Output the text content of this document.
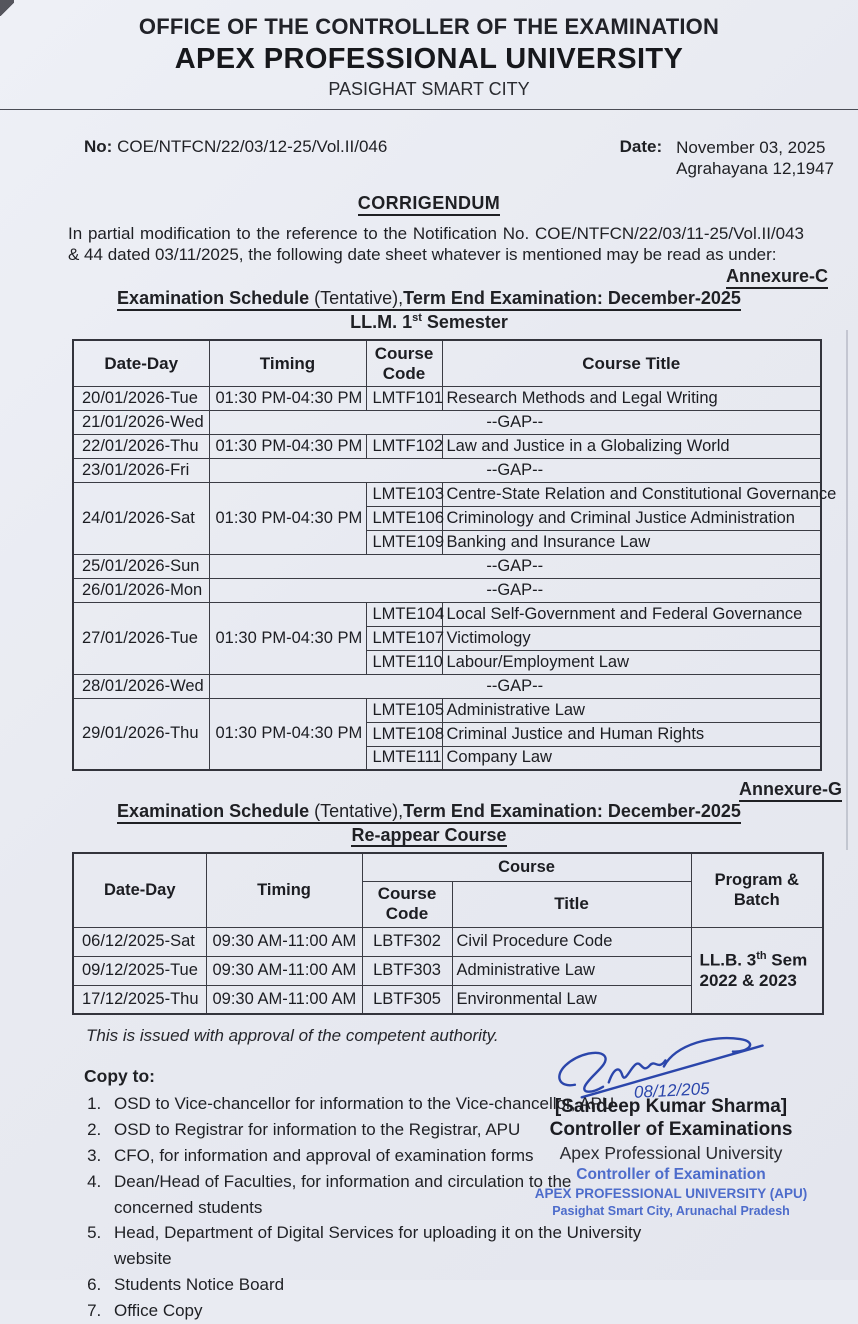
OFFICE OF THE CONTROLLER OF THE EXAMINATION
APEX PROFESSIONAL UNIVERSITY
PASIGHAT SMART CITY
No: COE/NTFCN/22/03/12-25/Vol.II/046	Date: November 03, 2025
Agrahayana 12,1947
CORRIGENDUM

In partial modification to the reference to the Notification No. COE/NTFCN/22/03/11-25/Vol.II/043 & 44 dated 03/11/2025, the following date sheet whatever is mentioned may be read as under:

Annexure-C
Examination Schedule (Tentative),Term End Examination: December-2025
LL.M. 1st Semester
Date-Day	Timing	Course Code	Course Title
20/01/2026-Tue	01:30 PM-04:30 PM	LMTF101	Research Methods and Legal Writing
21/01/2026-Wed	--GAP--		
22/01/2026-Thu	01:30 PM-04:30 PM	LMTF102	Law and Justice in a Globalizing World
23/01/2026-Fri	--GAP--		
24/01/2026-Sat	01:30 PM-04:30 PM	LMTE103	Centre-State Relation and Constitutional Governance
		LMTE106	Criminology and Criminal Justice Administration
		LMTE109	Banking and Insurance Law
25/01/2026-Sun	--GAP--		
26/01/2026-Mon	--GAP--		
27/01/2026-Tue	01:30 PM-04:30 PM	LMTE104	Local Self-Government and Federal Governance
		LMTE107	Victimology
		LMTE110	Labour/Employment Law
28/01/2026-Wed	--GAP--		
29/01/2026-Thu	01:30 PM-04:30 PM	LMTE105	Administrative Law
		LMTE108	Criminal Justice and Human Rights
		LMTE111	Company Law
Annexure-G
Examination Schedule (Tentative),Term End Examination: December-2025
Re-appear Course
Date-Day	Timing	Course		Program & Batch
		Course Code	Title	
06/12/2025-Sat	09:30 AM-11:00 AM	LBTF302	Civil Procedure Code	LL.B. 3th Sem
2022 & 2023
09/12/2025-Tue	09:30 AM-11:00 AM	LBTF303	Administrative Law	
17/12/2025-Thu	09:30 AM-11:00 AM	LBTF305	Environmental Law	

This is issued with approval of the competent authority.

08/12/205
[Sandeep Kumar Sharma]
Controller of Examinations
Apex Professional University
Controller of Examination
APEX PROFESSIONAL UNIVERSITY (APU)
Pasighat Smart City, Arunachal Pradesh
Copy to:
1. OSD to Vice-chancellor for information to the Vice-chancellor, APU
2. OSD to Registrar for information to the Registrar, APU
3. CFO, for information and approval of examination forms
4. Dean/Head of Faculties, for information and circulation to the concerned students
5. Head, Department of Digital Services for uploading it on the University website
6. Students Notice Board
7. Office Copy
